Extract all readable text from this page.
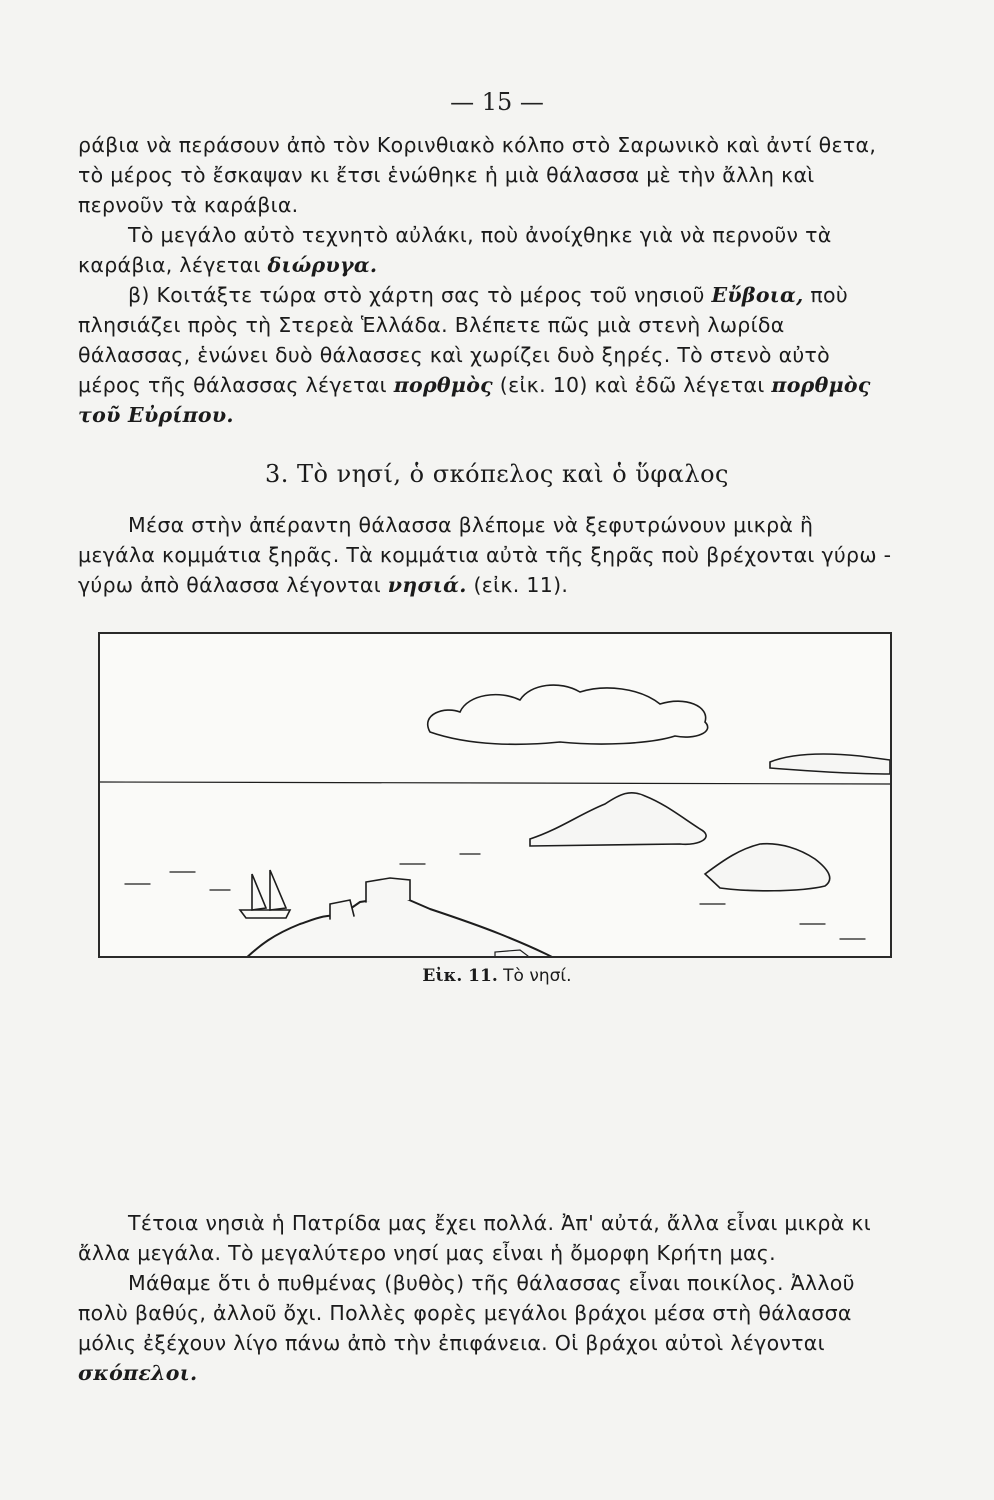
— 15 —

ράβια νὰ περάσουν ἀπὸ τὸν Κορινθιακὸ κόλπο στὸ Σαρωνικὸ καὶ ἀντί θετα, τὸ μέρος τὸ ἔσκαψαν κι ἔτσι ἑνώθηκε ἡ μιὰ θάλασσα μὲ τὴν ἄλλη καὶ περνοῦν τὰ καράβια.

Τὸ μεγάλο αὐτὸ τεχνητὸ αὐλάκι, ποὺ ἀνοίχθηκε γιὰ νὰ περνοῦν τὰ καράβια, λέγεται διώρυγα.

β) Κοιτάξτε τώρα στὸ χάρτη σας τὸ μέρος τοῦ νησιοῦ Εὔβοια, ποὺ πλησιάζει πρὸς τὴ Στερεὰ Ἑλλάδα. Βλέπετε πῶς μιὰ στενὴ λωρίδα θάλασσας, ἑνώνει δυὸ θάλασσες καὶ χωρίζει δυὸ ξηρές. Τὸ στενὸ αὐτὸ μέρος τῆς θάλασσας λέγεται πορθμὸς (εἰκ. 10) καὶ ἐδῶ λέγεται πορθμὸς τοῦ Εὐρίπου.

3. Τὸ νησί, ὁ σκόπελος καὶ ὁ ὕφαλος

Μέσα στὴν ἀπέραντη θάλασσα βλέπομε νὰ ξεφυτρώνουν μικρὰ ἢ μεγάλα κομμάτια ξηρᾶς. Τὰ κομμάτια αὐτὰ τῆς ξηρᾶς ποὺ βρέχονται γύρω - γύρω ἀπὸ θάλασσα λέγονται νησιά. (εἰκ. 11).

Εἰκ. 11. Τὸ νησί.

Τέτοια νησιὰ ἡ Πατρίδα μας ἔχει πολλά. Ἀπ' αὐτά, ἄλλα εἶναι μικρὰ κι ἄλλα μεγάλα. Τὸ μεγαλύτερο νησί μας εἶναι ἡ ὄμορφη Κρήτη μας.

Μάθαμε ὅτι ὁ πυθμένας (βυθὸς) τῆς θάλασσας εἶναι ποικίλος. Ἀλλοῦ πολὺ βαθύς, ἀλλοῦ ὄχι. Πολλὲς φορὲς μεγάλοι βράχοι μέσα στὴ θάλασσα μόλις ἐξέχουν λίγο πάνω ἀπὸ τὴν ἐπιφάνεια. Οἱ βράχοι αὐτοὶ λέγονται σκόπελοι.
